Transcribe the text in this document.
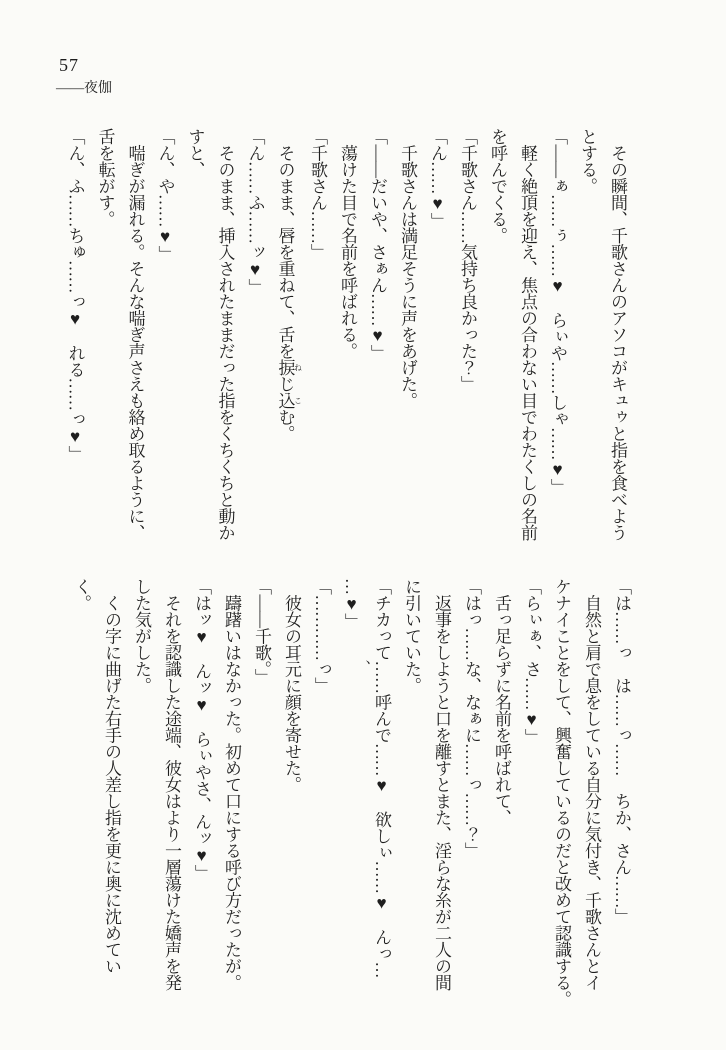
57
――夜伽
　その瞬間、千歌さんのアソコがキュゥと指を食べよう
とする。
「――ぁ……ぅ……♥　らぃや……しゃ……♥」
　軽く絶頂を迎え、焦点の合わない目でわたくしの名前
を呼んでくる。
「千歌さん……気持ち良かった？」
「ん……♥」
　千歌さんは満足そうに声をあげた。
「――だいや、さぁん……♥」
　蕩けた目で名前を呼ばれる。
「千歌さん……」
　そのまま、唇を重ねて、舌を捩 ねじ込 こむ。
「ん……ふ……ッ♥」
　そのまま、挿入されたままだった指をくちくちと動か
すと、
「ん、や……♥」
　喘ぎが漏れる。そんな喘ぎ声さえも絡め取るように、
舌を転がす。
「ん、ふ……ちゅ……っ♥　れる……っ♥」
「は……っ　は……っ……　ちか、さん……」
　自然と肩で息をしている自分に気付き、千歌さんとイ
ケナイことをして、興奮しているのだと改めて認識する。
「らぃぁ、さ……♥」
　舌っ足らずに名前を呼ばれて、
「はっ……な、なぁに……っ……？」
　返事をしようと口を離すとまた、淫らな糸が二人の間
に引いていた。
「チカって……呼んで……♥　欲しぃ……♥　んっ…
…♥」
「…………っ」
　彼女の耳元に顔を寄せた。
「――千歌。」
　躊躇いはなかった。初めて口にする呼び方だったが。
「はッ♥　んッ♥　らぃやさ、んッ♥」
　それを認識した途端、彼女はより一層蕩けた嬌声を発
した気がした。
　くの字に曲げた右手の人差し指を更に奥に沈めてい
く。
、
